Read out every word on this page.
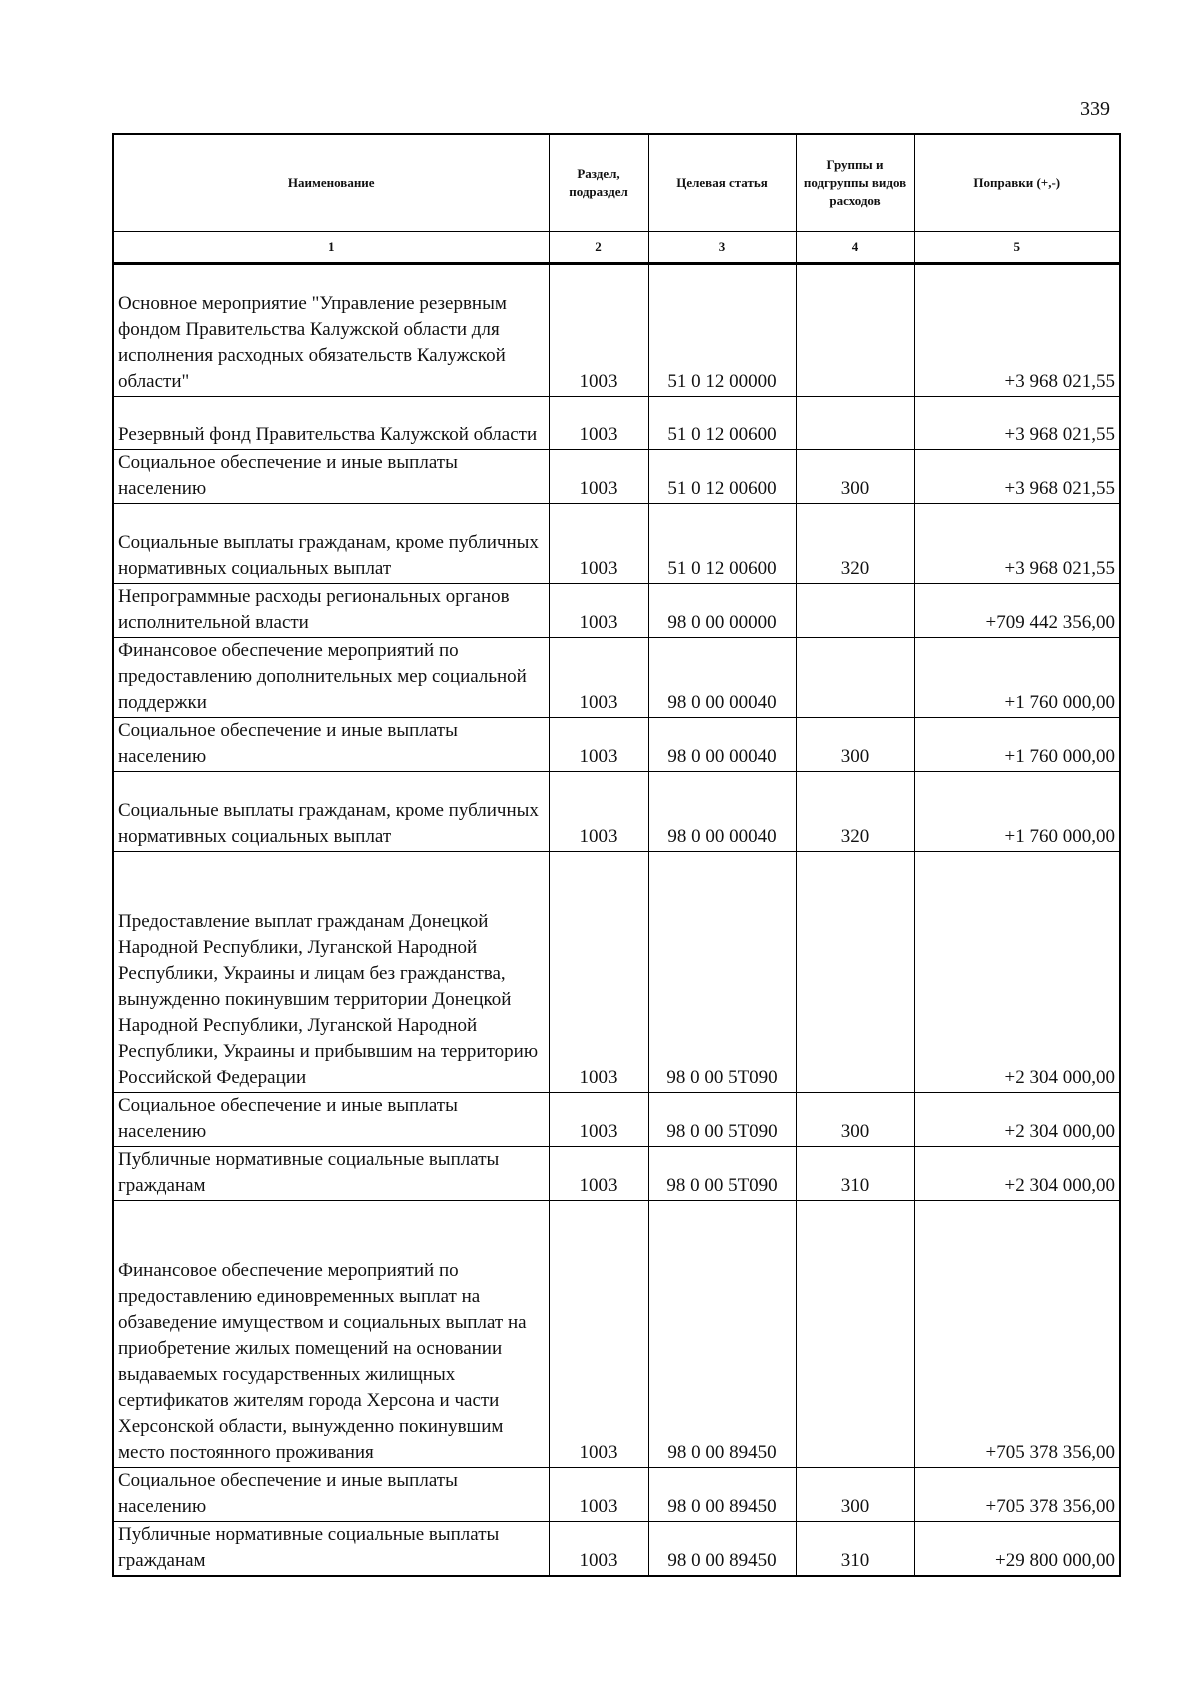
339
Наименование	Раздел, подраздел	Целевая статья	Группы и подгруппы видов расходов	Поправки (+,-)
1	2	3	4	5
Основное мероприятие "Управление резервным фондом Правительства Калужской области для исполнения расходных обязательств Калужской области"	1003	51 0 12 00000		+3 968 021,55
Резервный фонд Правительства Калужской области	1003	51 0 12 00600		+3 968 021,55
Социальное обеспечение и иные выплаты населению	1003	51 0 12 00600	300	+3 968 021,55
Социальные выплаты гражданам, кроме публичных нормативных социальных выплат	1003	51 0 12 00600	320	+3 968 021,55
Непрограммные расходы региональных органов исполнительной власти	1003	98 0 00 00000		+709 442 356,00
Финансовое обеспечение мероприятий по предоставлению дополнительных мер социальной поддержки	1003	98 0 00 00040		+1 760 000,00
Социальное обеспечение и иные выплаты населению	1003	98 0 00 00040	300	+1 760 000,00
Социальные выплаты гражданам, кроме публичных нормативных социальных выплат	1003	98 0 00 00040	320	+1 760 000,00
Предоставление выплат гражданам Донецкой Народной Республики, Луганской Народной Республики, Украины и лицам без гражданства, вынужденно покинувшим территории Донецкой Народной Республики, Луганской Народной Республики, Украины и прибывшим на территорию Российской Федерации	1003	98 0 00 5Т090		+2 304 000,00
Социальное обеспечение и иные выплаты населению	1003	98 0 00 5Т090	300	+2 304 000,00
Публичные нормативные социальные выплаты гражданам	1003	98 0 00 5Т090	310	+2 304 000,00
Финансовое обеспечение мероприятий по предоставлению единовременных выплат на обзаведение имуществом и социальных выплат на приобретение жилых помещений на основании выдаваемых государственных жилищных сертификатов жителям города Херсона и части Херсонской области, вынужденно покинувшим место постоянного проживания	1003	98 0 00 89450		+705 378 356,00
Социальное обеспечение и иные выплаты населению	1003	98 0 00 89450	300	+705 378 356,00
Публичные нормативные социальные выплаты гражданам	1003	98 0 00 89450	310	+29 800 000,00
